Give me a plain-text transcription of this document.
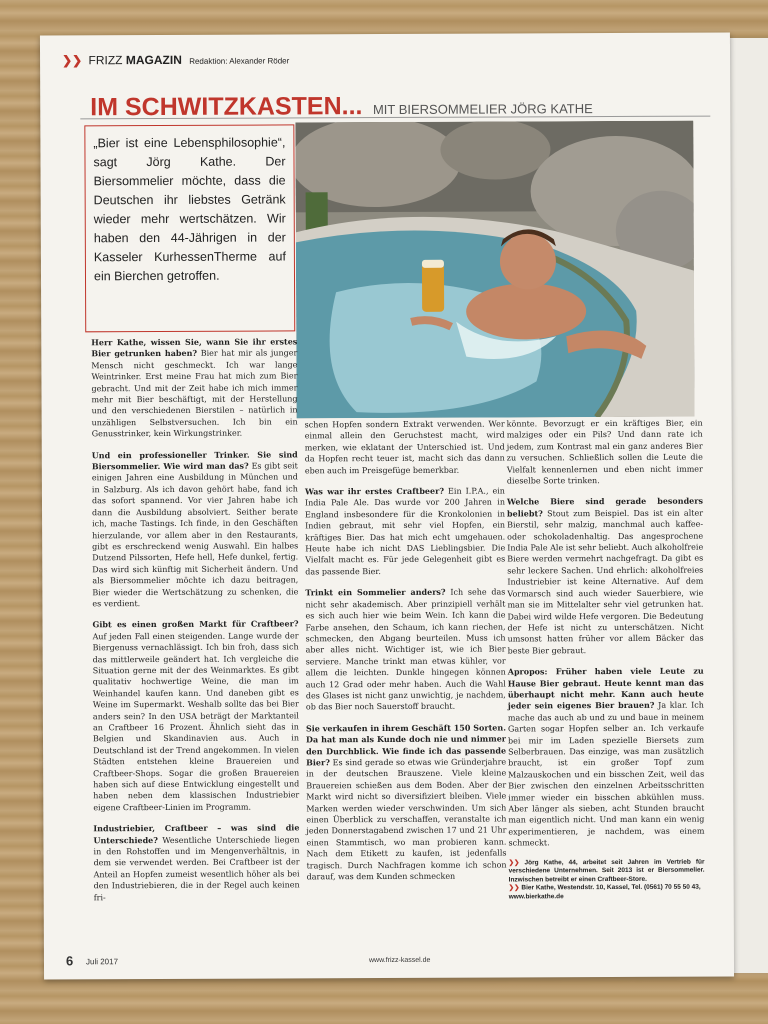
❯❯ FRIZZ MAGAZIN Redaktion: Alexander Röder
IM SCHWITZKASTEN... MIT BIERSOMMELIER JÖRG KATHE
„Bier ist eine Lebensphilosophie“, sagt Jörg Kathe. Der Biersommelier möchte, dass die Deutschen ihr liebstes Getränk wieder mehr wertschätzen. Wir haben den 44-Jährigen in der Kasseler KurhessenTherme auf ein Bierchen getroffen.

Herr Kathe, wissen Sie, wann Sie ihr erstes Bier getrunken haben? Bier hat mir als junger Mensch nicht geschmeckt. Ich war lange Weintrinker. Erst meine Frau hat mich zum Bier gebracht. Und mit der Zeit habe ich mich immer mehr mit Bier beschäftigt, mit der Herstellung und den verschiedenen Bierstilen – natürlich in unzähligen Selbstversuchen. Ich bin ein Genusstrinker, kein Wirkungstrinker.

Und ein professioneller Trinker. Sie sind Biersommelier. Wie wird man das? Es gibt seit einigen Jahren eine Ausbildung in München und in Salzburg. Als ich davon gehört habe, fand ich das sofort spannend. Vor vier Jahren habe ich dann die Ausbildung absolviert. Seither berate ich, mache Tastings. Ich finde, in den Geschäften hierzulande, vor allem aber in den Restaurants, gibt es erschreckend wenig Auswahl. Ein halbes Dutzend Pilssorten, Hefe hell, Hefe dunkel, fertig. Das wird sich künftig mit Sicherheit ändern. Und als Biersommelier möchte ich dazu beitragen, Bier wieder die Wertschätzung zu schenken, die es verdient.

Gibt es einen großen Markt für Craftbeer? Auf jeden Fall einen steigenden. Lange wurde der Biergenuss vernachlässigt. Ich bin froh, dass sich das mittlerweile geändert hat. Ich vergleiche die Situation gerne mit der des Weinmarktes. Es gibt qualitativ hochwertige Weine, die man im Weinhandel kaufen kann. Und daneben gibt es Weine im Supermarkt. Weshalb sollte das bei Bier anders sein? In den USA beträgt der Marktanteil an Craftbeer 16 Prozent. Ähnlich sieht das in Belgien und Skandinavien aus. Auch in Deutschland ist der Trend angekommen. In vielen Städten entstehen kleine Brauereien und Craftbeer-Shops. Sogar die großen Brauereien haben sich auf diese Entwicklung eingestellt und haben neben dem klassischen Industriebier eigene Craftbeer-Linien im Programm.

Industriebier, Craftbeer – was sind die Unterschiede? Wesentliche Unterschiede liegen in den Rohstoffen und im Mengenverhältnis, in dem sie verwendet werden. Bei Craftbeer ist der Anteil an Hopfen zumeist wesentlich höher als bei den Industriebieren, die in der Regel auch keinen fri-

schen Hopfen sondern Extrakt verwenden. Wer einmal allein den Geruchstest macht, wird merken, wie eklatant der Unterschied ist. Und da Hopfen recht teuer ist, macht sich das dann eben auch im Preisgefüge bemerkbar.

Was war ihr erstes Craftbeer? Ein I.P.A., ein India Pale Ale. Das wurde vor 200 Jahren in England insbesondere für die Kronkolonien in Indien gebraut, mit sehr viel Hopfen, ein kräftiges Bier. Das hat mich echt umgehauen. Heute habe ich nicht DAS Lieblingsbier. Die Vielfalt macht es. Für jede Gelegenheit gibt es das passende Bier.

Trinkt ein Sommelier anders? Ich sehe das nicht sehr akademisch. Aber prinzipiell verhält es sich auch hier wie beim Wein. Ich kann die Farbe ansehen, den Schaum, ich kann riechen, schmecken, den Abgang beurteilen. Muss ich aber alles nicht. Wichtiger ist, wie ich Bier serviere. Manche trinkt man etwas kühler, vor allem die leichten. Dunkle hingegen können auch 12 Grad oder mehr haben. Auch die Wahl des Glases ist nicht ganz unwichtig, je nachdem, ob das Bier noch Sauerstoff braucht.

Sie verkaufen in ihrem Geschäft 150 Sorten. Da hat man als Kunde doch nie und nimmer den Durchblick. Wie finde ich das passende Bier? Es sind gerade so etwas wie Gründerjahre in der deutschen Brauszene. Viele kleine Brauereien schießen aus dem Boden. Aber der Markt wird nicht so diversifiziert bleiben. Viele Marken werden wieder verschwinden. Um sich einen Überblick zu verschaffen, veranstalte ich jeden Donnerstagabend zwischen 17 und 21 Uhr einen Stammtisch, wo man probieren kann. Nach dem Etikett zu kaufen, ist jedenfalls tragisch. Durch Nachfragen komme ich schon darauf, was dem Kunden schmecken

könnte. Bevorzugt er ein kräftiges Bier, ein malziges oder ein Pils? Und dann rate ich jedem, zum Kontrast mal ein ganz anderes Bier zu versuchen. Schließlich sollen die Leute die Vielfalt kennenlernen und eben nicht immer dieselbe Sorte trinken.

Welche Biere sind gerade besonders beliebt? Stout zum Beispiel. Das ist ein alter Bierstil, sehr malzig, manchmal auch kaffee- oder schokoladenhaltig. Das angesprochene India Pale Ale ist sehr beliebt. Auch alkoholfreie Biere werden vermehrt nachgefragt. Da gibt es sehr leckere Sachen. Und ehrlich: alkoholfreies Industriebier ist keine Alternative. Auf dem Vormarsch sind auch wieder Sauerbiere, wie man sie im Mittelalter sehr viel getrunken hat. Dabei wird wilde Hefe vergoren. Die Bedeutung der Hefe ist nicht zu unterschätzen. Nicht umsonst hatten früher vor allem Bäcker das beste Bier gebraut.

Apropos: Früher haben viele Leute zu Hause Bier gebraut. Heute kennt man das überhaupt nicht mehr. Kann auch heute jeder sein eigenes Bier brauen? Ja klar. Ich mache das auch ab und zu und baue in meinem Garten sogar Hopfen selber an. Ich verkaufe bei mir im Laden spezielle Biersets zum Selberbrauen. Das einzige, was man zusätzlich braucht, ist ein großer Topf zum Malzauskochen und ein bisschen Zeit, weil das Bier zwischen den einzelnen Arbeitsschritten immer wieder ein bisschen abkühlen muss. Aber länger als sieben, acht Stunden braucht man eigentlich nicht. Und man kann ein wenig experimentieren, je nachdem, was einem schmeckt.

❯❯ Jörg Kathe, 44, arbeitet seit Jahren im Vertrieb für verschiedene Unternehmen. Seit 2013 ist er Biersommelier. Inzwischen betreibt er einen Craftbeer-Store.
❯❯ Bier Kathe, Westendstr. 10, Kassel, Tel. (0561) 70 55 50 43,
www.bierkathe.de
6 Juli 2017	www.frizz-kassel.de
